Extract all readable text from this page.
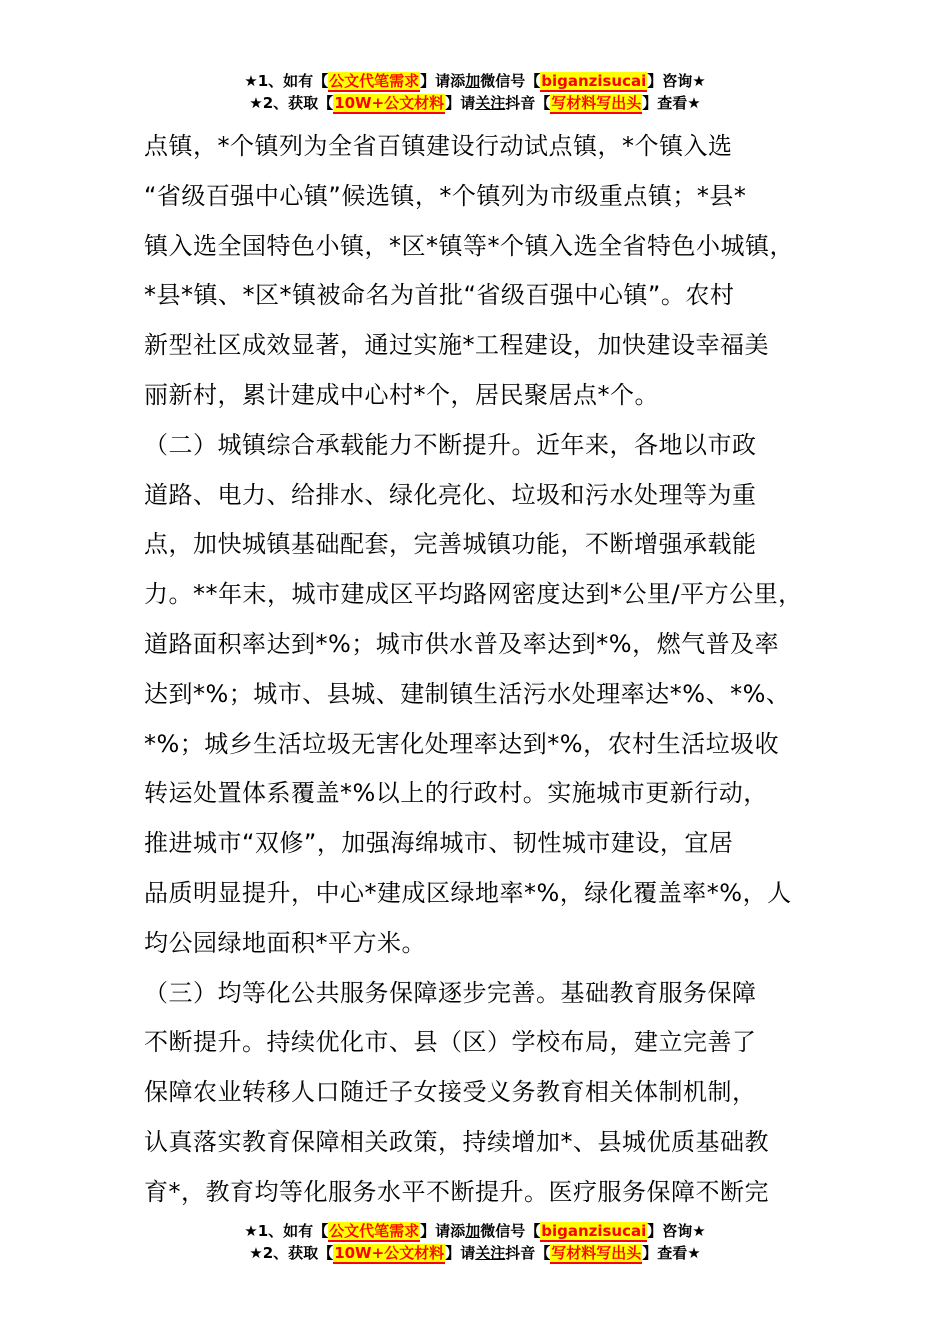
★1、如有【公文代笔需求】请添加微信号【biganzisucai】咨询★
★2、获取【10W+公文材料】请关注抖音【写材料写出头】查看★
点镇，*个镇列为全省百镇建设行动试点镇，*个镇入选
“省级百强中心镇”候选镇，*个镇列为市级重点镇；*县*
镇入选全国特色小镇，*区*镇等*个镇入选全省特色小城镇，
*县*镇、*区*镇被命名为首批“省级百强中心镇”。农村
新型社区成效显著，通过实施*工程建设，加快建设幸福美
丽新村，累计建成中心村*个，居民聚居点*个。
（二）城镇综合承载能力不断提升。近年来，各地以市政
道路、电力、给排水、绿化亮化、垃圾和污水处理等为重
点，加快城镇基础配套，完善城镇功能，不断增强承载能
力。**年末，城市建成区平均路网密度达到*公里/平方公里，
道路面积率达到*%；城市供水普及率达到*%，燃气普及率
达到*%；城市、县城、建制镇生活污水处理率达*%、*%、
*%；城乡生活垃圾无害化处理率达到*%，农村生活垃圾收
转运处置体系覆盖*%以上的行政村。实施城市更新行动，
推进城市“双修”，加强海绵城市、韧性城市建设，宜居
品质明显提升，中心*建成区绿地率*%，绿化覆盖率*%，人
均公园绿地面积*平方米。
（三）均等化公共服务保障逐步完善。基础教育服务保障
不断提升。持续优化市、县（区）学校布局，建立完善了
保障农业转移人口随迁子女接受义务教育相关体制机制，
认真落实教育保障相关政策，持续增加*、县城优质基础教
育*，教育均等化服务水平不断提升。医疗服务保障不断完
★1、如有【公文代笔需求】请添加微信号【biganzisucai】咨询★
★2、获取【10W+公文材料】请关注抖音【写材料写出头】查看★
